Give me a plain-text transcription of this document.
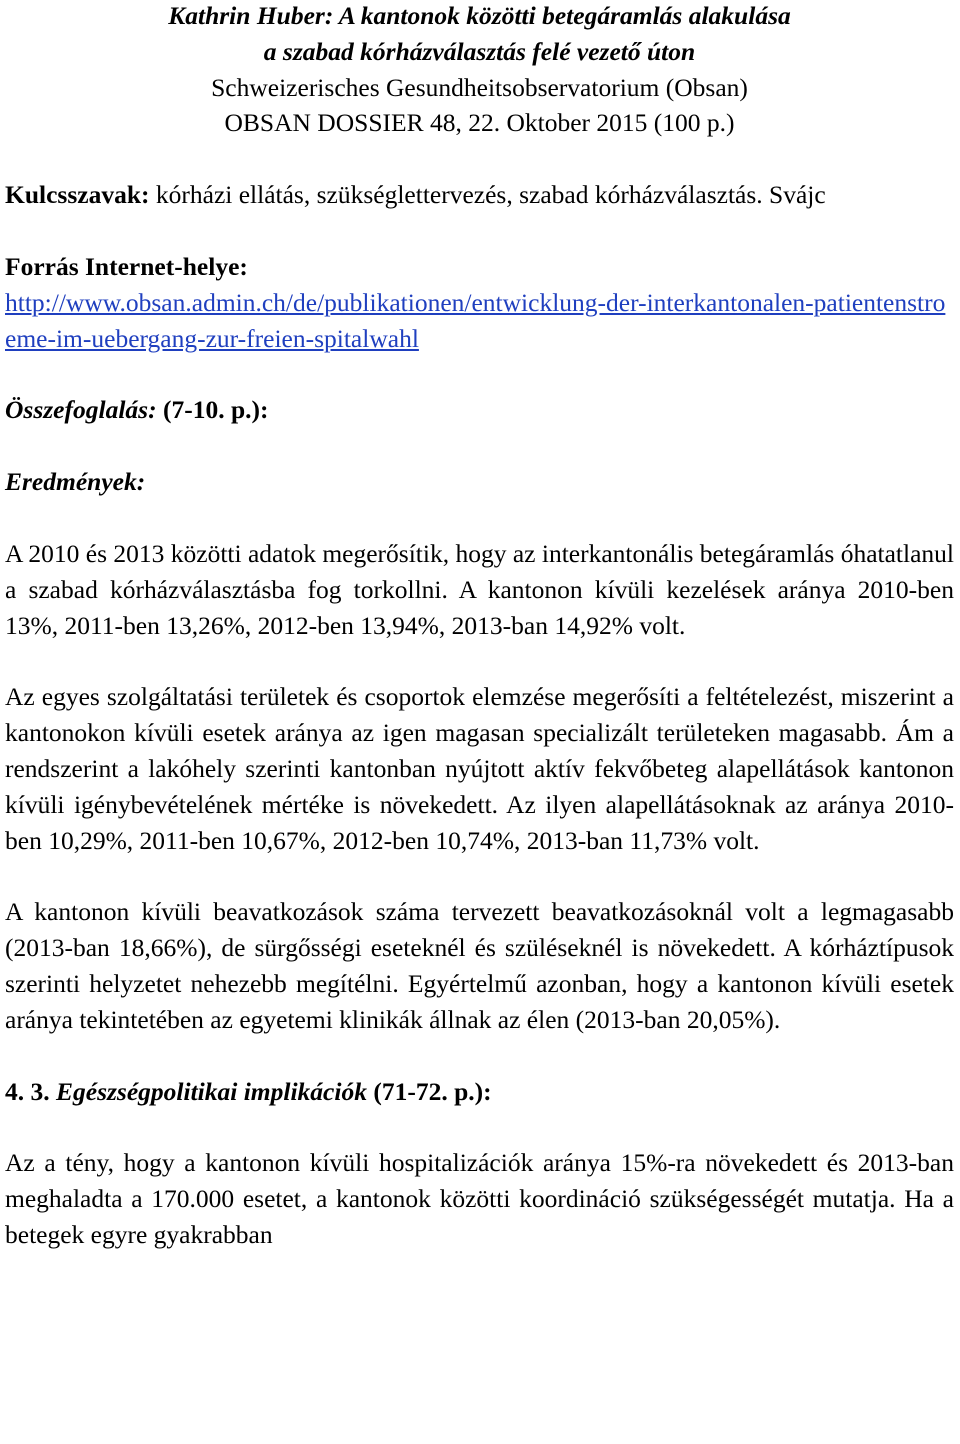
Kathrin Huber: A kantonok közötti betegáramlás alakulása
a szabad kórházválasztás felé vezető úton
Schweizerisches Gesundheitsobservatorium (Obsan)
OBSAN DOSSIER 48, 22. Oktober 2015 (100 p.)
Kulcsszavak: kórházi ellátás, szükséglettervezés, szabad kórházválasztás. Svájc
Forrás Internet-helye:
http://www.obsan.admin.ch/de/publikationen/entwicklung-der-interkantonalen-patientenstroeme-im-uebergang-zur-freien-spitalwahl
Összefoglalás: (7-10. p.):
Eredmények:

A 2010 és 2013 közötti adatok megerősítik, hogy az interkantonális betegáramlás óhatatlanul a szabad kórházválasztásba fog torkollni. A kantonon kívüli kezelések aránya 2010-ben 13%, 2011-ben 13,26%, 2012-ben 13,94%, 2013-ban 14,92% volt.

Az egyes szolgáltatási területek és csoportok elemzése megerősíti a feltételezést, miszerint a kantonokon kívüli esetek aránya az igen magasan specializált területeken magasabb. Ám a rendszerint a lakóhely szerinti kantonban nyújtott aktív fekvőbeteg alapellátások kantonon kívüli igénybevételének mértéke is növekedett. Az ilyen alapellátásoknak az aránya 2010-ben 10,29%, 2011-ben 10,67%, 2012-ben 10,74%, 2013-ban 11,73% volt.

A kantonon kívüli beavatkozások száma tervezett beavatkozásoknál volt a legmagasabb (2013-ban 18,66%), de sürgősségi eseteknél és szüléseknél is növekedett. A kórháztípusok szerinti helyzetet nehezebb megítélni. Egyértelmű azonban, hogy a kantonon kívüli esetek aránya tekintetében az egyetemi klinikák állnak az élen (2013-ban 20,05%).

4. 3. Egészségpolitikai implikációk (71-72. p.):

Az a tény, hogy a kantonon kívüli hospitalizációk aránya 15%-ra növekedett és 2013-ban meghaladta a 170.000 esetet, a kantonok közötti koordináció szükségességét mutatja. Ha a betegek egyre gyakrabban
